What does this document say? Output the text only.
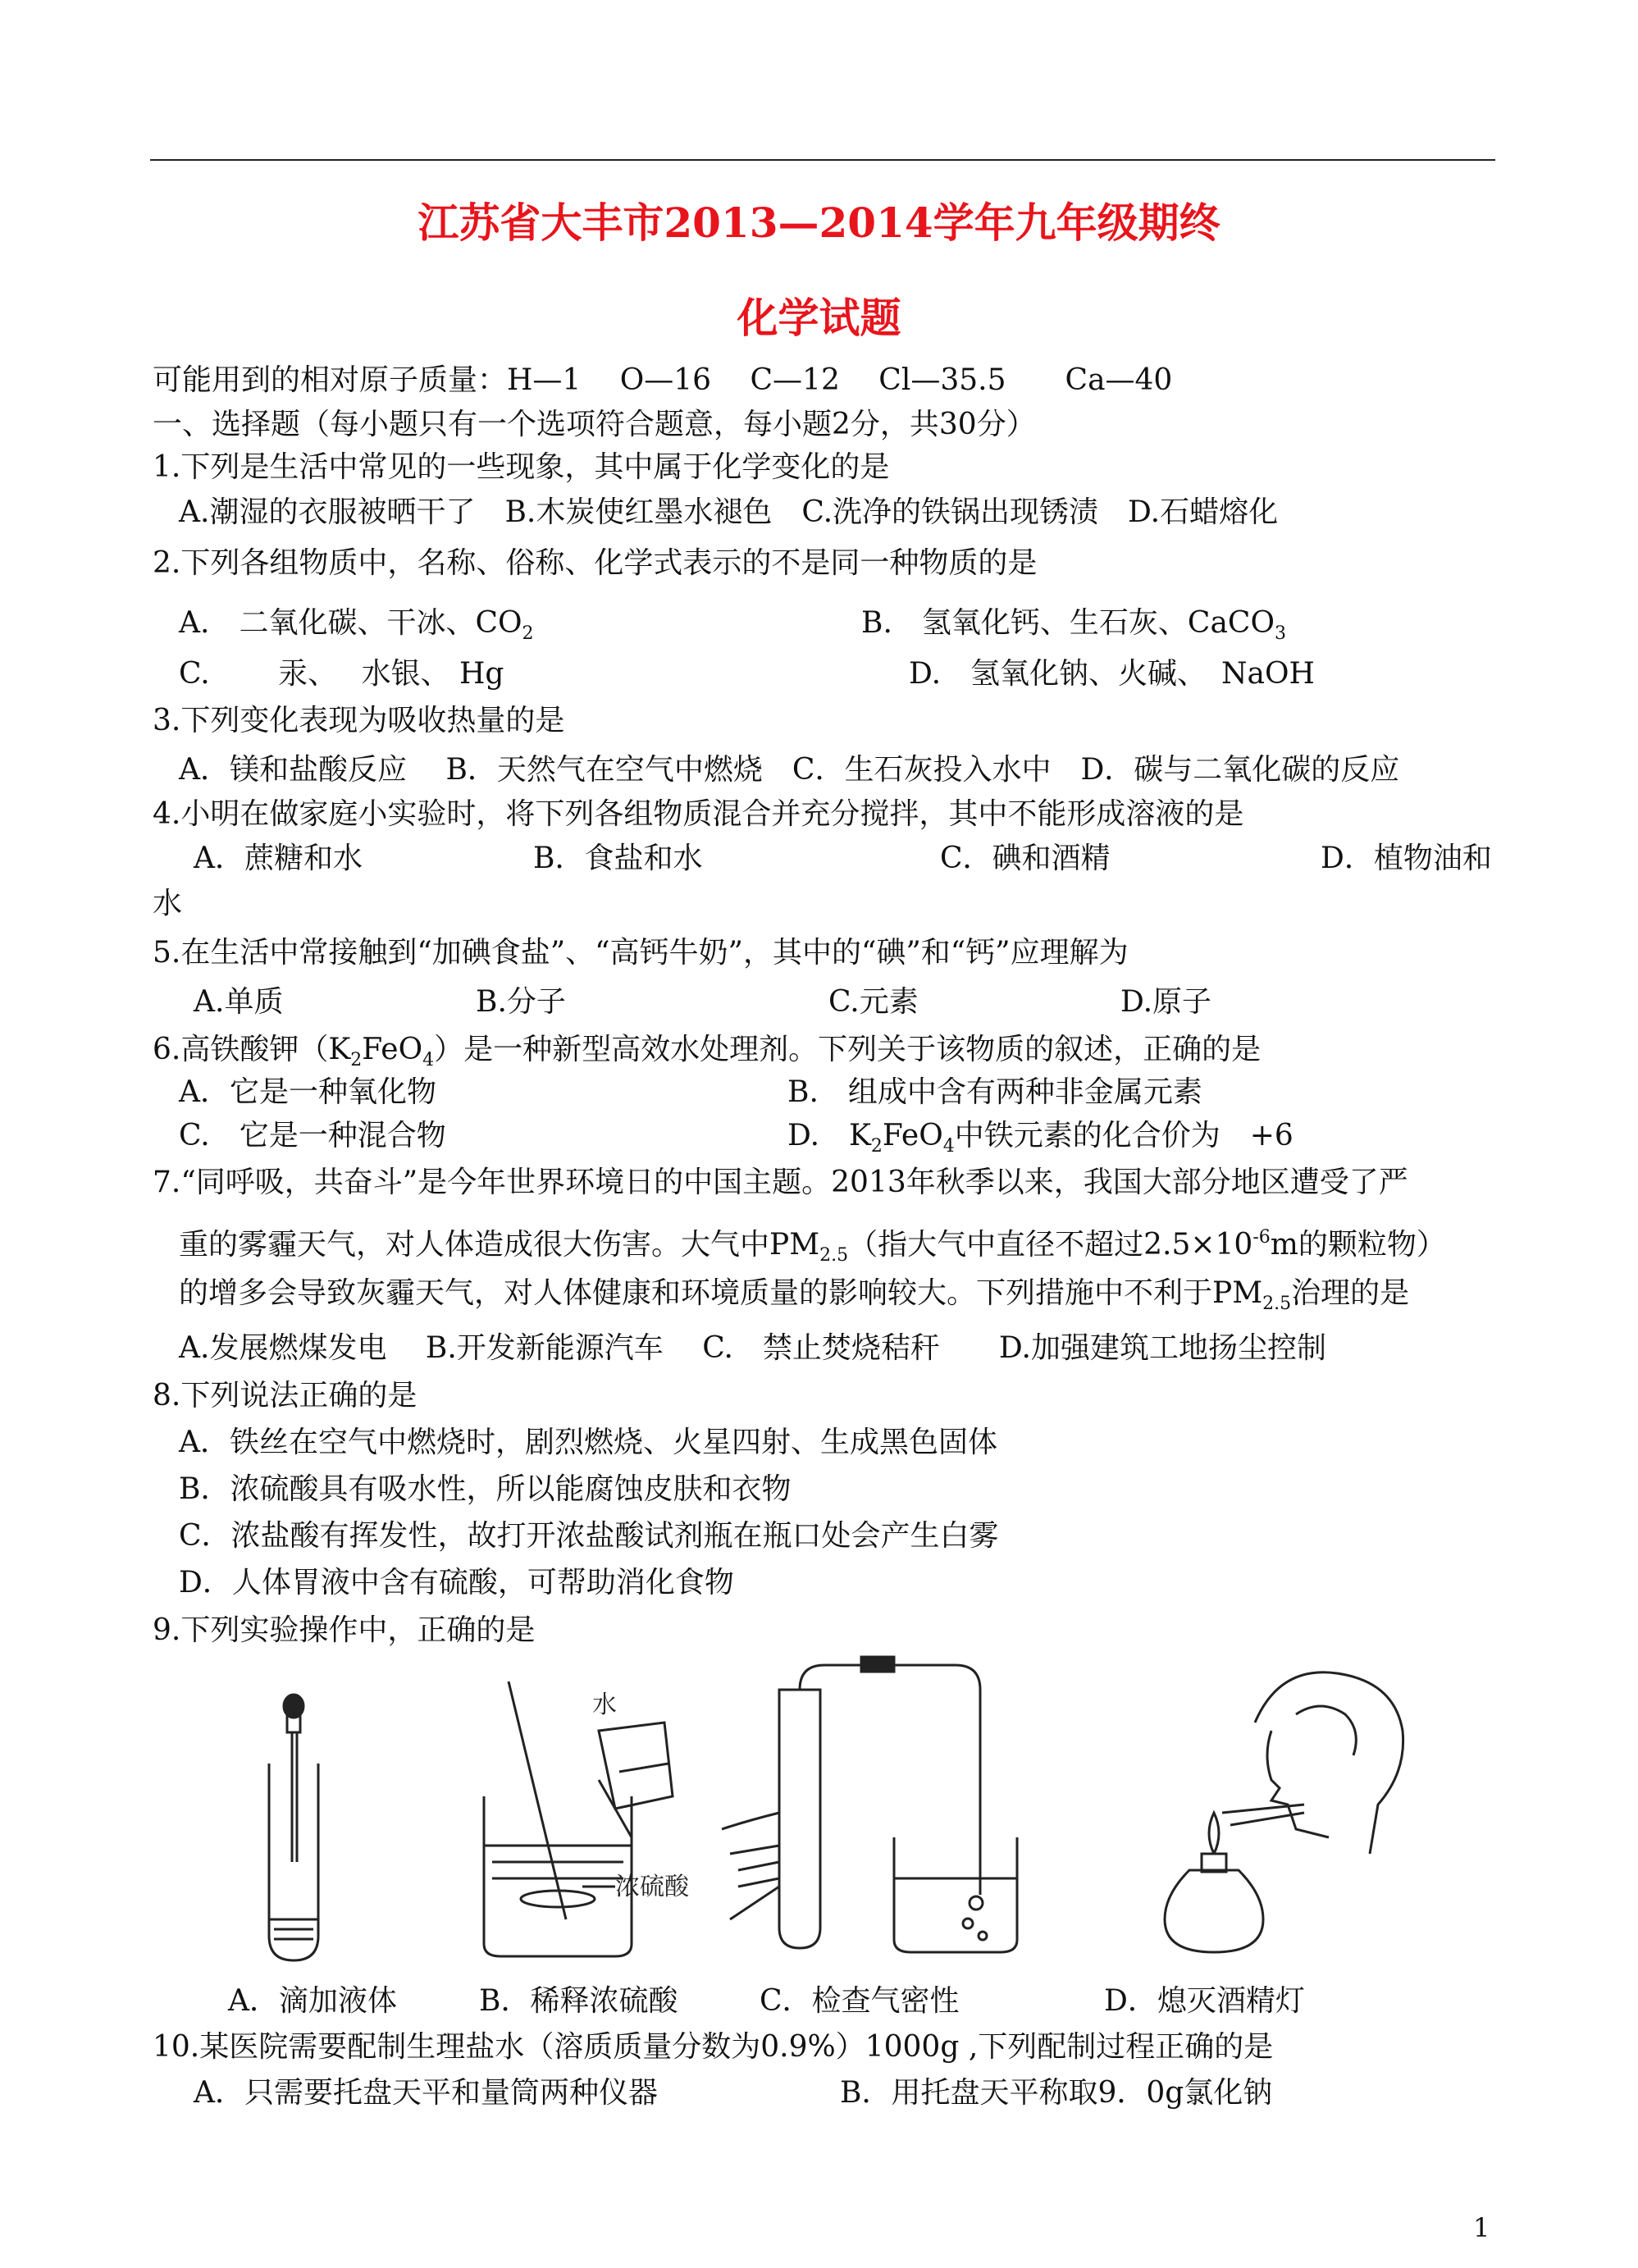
江苏省大丰市2013—2014学年九年级期终
化学试题
可能用到的相对原子质量：H—1　 O—16　 C—12　 Cl—35.5　　Ca—40
一、选择题（每小题只有一个选项符合题意，每小题2分，共30分）
1.下列是生活中常见的一些现象，其中属于化学变化的是
A.潮湿的衣服被晒干了　B.木炭使红墨水褪色　C.洗净的铁锅出现锈渍　D.石蜡熔化
2.下列各组物质中，名称、俗称、化学式表示的不是同一种物质的是
A.　二氧化碳、干冰、$CO_2$	B.　氢氧化钙、生石灰、CaCO$_3$
C.　　 汞、　 水银、 Hg	D.　氢氧化钠、火碱、　NaOH
3.下列变化表现为吸收热量的是
A．镁和盐酸反应　 B．天然气在空气中燃烧　C．生石灰投入水中　D．碳与二氧化碳的反应
4.小明在做家庭小实验时，将下列各组物质混合并充分搅拌，其中不能形成溶液的是
A．蔗糖和水	B．食盐和水	C．碘和酒精	D．植物油和
水
5.在生活中常接触到“加碘食盐”、“高钙牛奶”，其中的“碘”和“钙”应理解为
A.单质	B.分子	C.元素	D.原子
6.高铁酸钾$(K_2FeO_4)$是一种新型高效水处理剂。下列关于该物质的叙述，正确的是
A．它是一种氧化物	B.　组成中含有两种非金属元素
C.　它是一种混合物	D.　$K_2FeO_4$中铁元素的化合价为　+6
7.“同呼吸，共奋斗”是今年世界环境日的中国主题。2013年秋季以来，我国大部分地区遭受了严
重的雾霾天气，对人体造成很大伤害。大气中$PM_{2.5}$（指大气中直径不超过$2.5\times 10^{-6}m$的颗粒物）
的增多会导致灰霾天气，对人体健康和环境质量的影响较大。下列措施中不利于$PM_{2.5}$治理的是
A.发展燃煤发电　 B.开发新能源汽车　 C.　禁止焚烧秸秆　　D.加强建筑工地扬尘控制
8.下列说法正确的是
A．铁丝在空气中燃烧时，剧烈燃烧、火星四射、生成黑色固体
B．浓硫酸具有吸水性，所以能腐蚀皮肤和衣物
C．浓盐酸有挥发性，故打开浓盐酸试剂瓶在瓶口处会产生白雾
D．人体胃液中含有硫酸，可帮助消化食物
9.下列实验操作中，正确的是
水
浓硫酸
A．滴加液体	B．稀释浓硫酸	C．检查气密性	D．熄灭酒精灯
10.某医院需要配制生理盐水（溶质质量分数为0.9%）1000g ,下列配制过程正确的是
A．只需要托盘天平和量筒两种仪器	B．用托盘天平称取9．0g氯化钠
1
